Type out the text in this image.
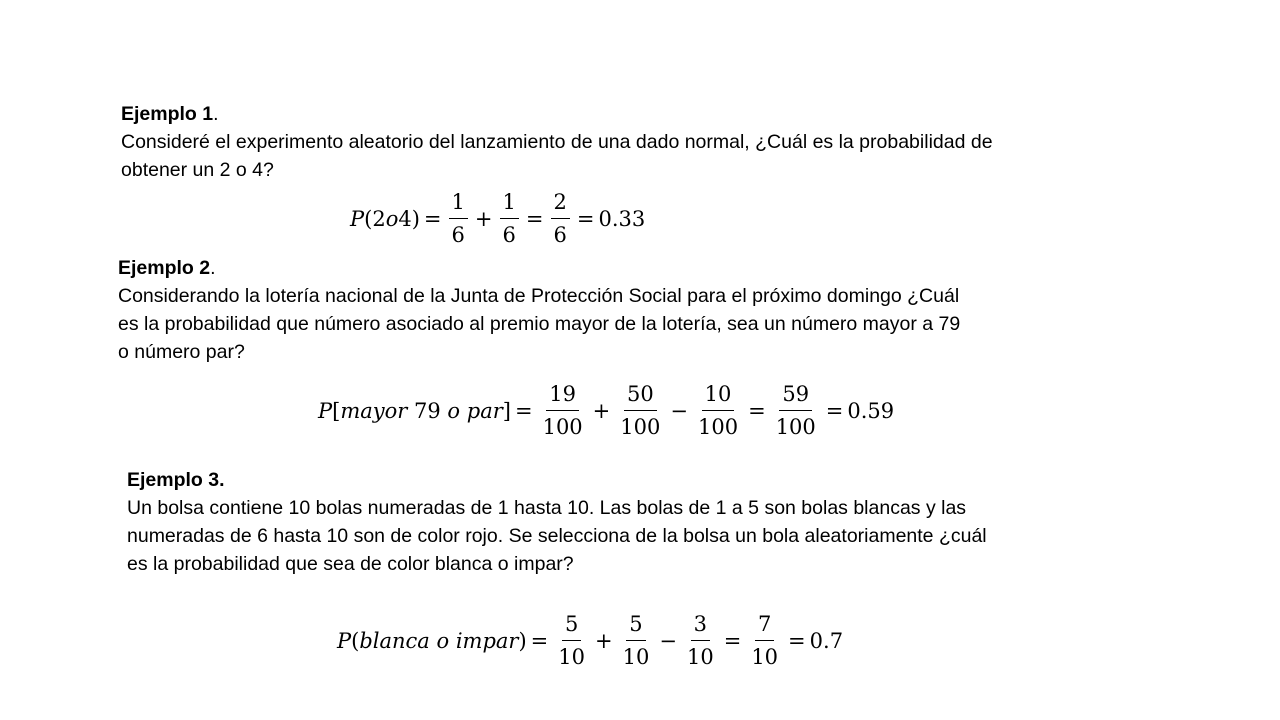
Ejemplo 1.
Consideré el experimento aleatorio del lanzamiento de una dado normal, ¿Cuál es la probabilidad de
obtener un 2 o 4?
P (2 o $4) = \frac{1}{6} + \frac{1}{6} = \frac{2}{6} = 0.33$
Ejemplo 2.
Considerando la lotería nacional de la Junta de Protección Social para el próximo domingo ¿Cuál
es la probabilidad que número asociado al premio mayor de la lotería, sea un número mayor a 79
o número par?
P [ mayor 79 o
par ] = $\frac{19}{100} + \frac{50}{100} - \frac{10}{100} = \frac{59}{100} = 0.59$
Ejemplo 3.
Un bolsa contiene 10 bolas numeradas de 1 hasta 10. Las bolas de 1 a 5 son bolas blancas y las
numeradas de 6 hasta 10 son de color rojo. Se selecciona de la bolsa un bola aleatoriamente ¿cuál
es la probabilidad que sea de color blanca o impar?
P ( blanca o impar ) = $\frac{5}{10} + \frac{5}{10} - \frac{3}{10} = \frac{7}{10} = 0.7$
